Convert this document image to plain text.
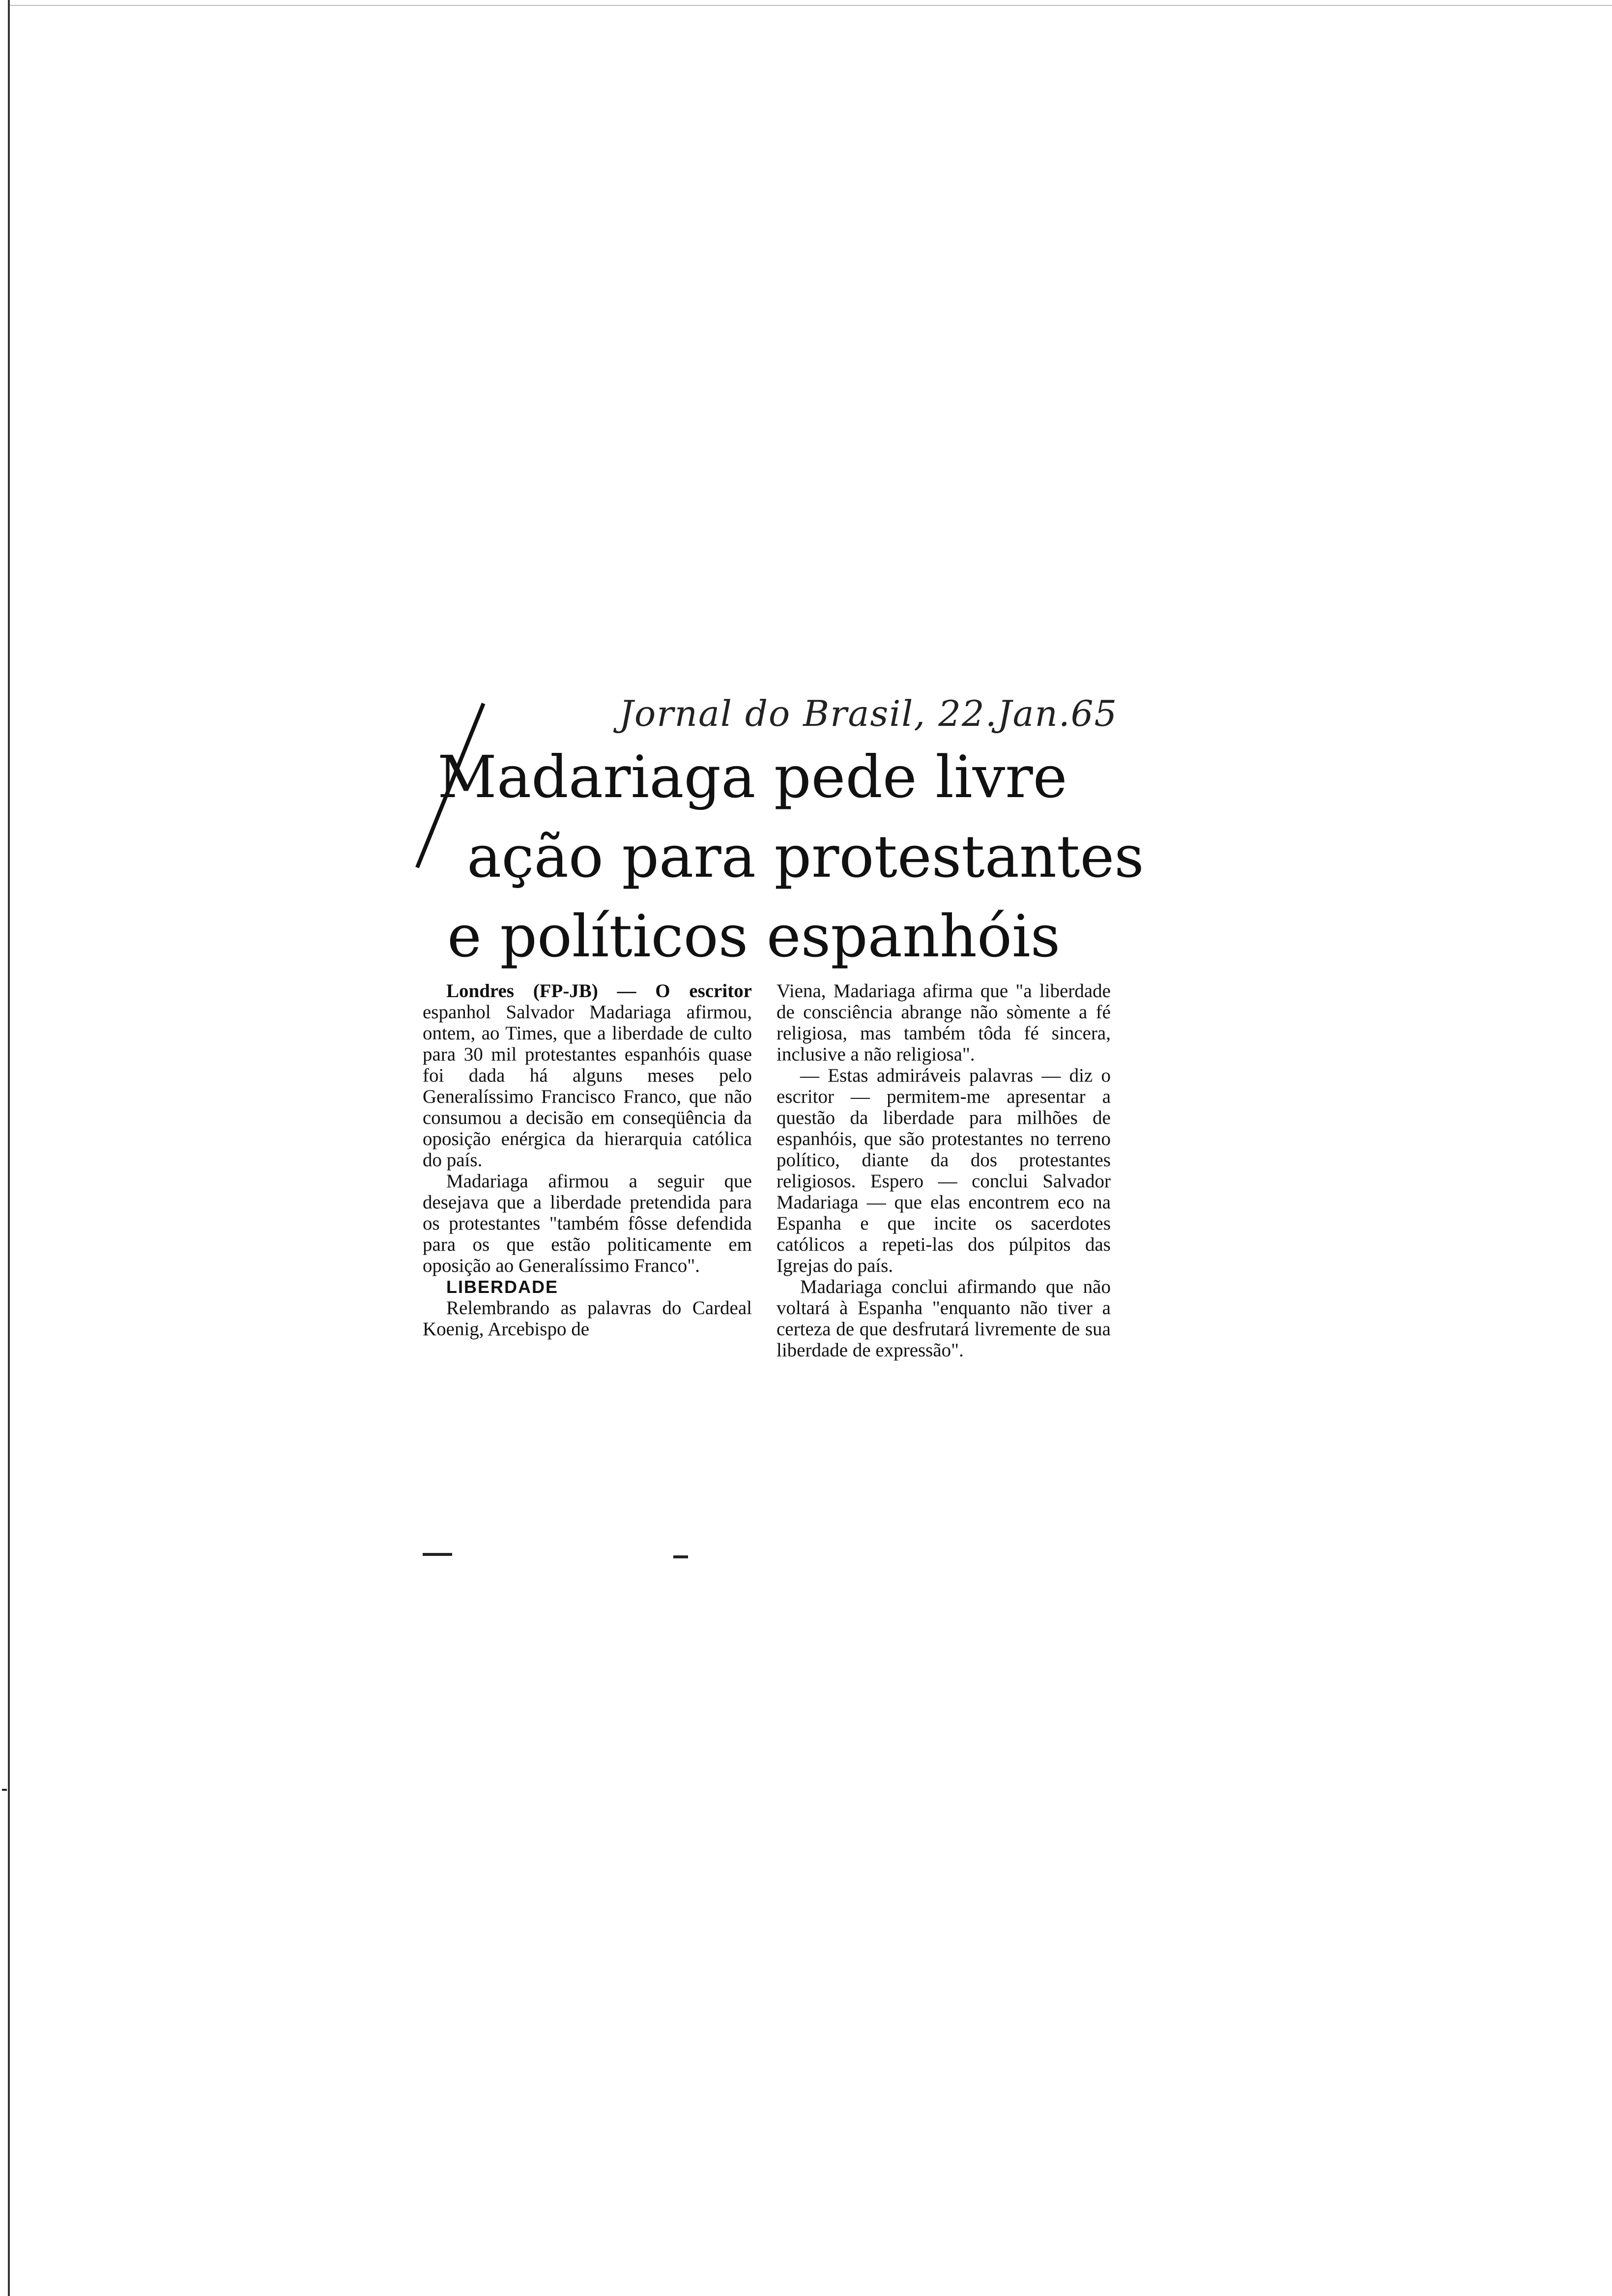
Jornal do Brasil, 22.Jan.65
Madariaga pede livre
ação para protestantes
e políticos espanhóis

Londres (FP-JB) — O escritor espanhol Salvador Madariaga afirmou, ontem, ao Times, que a liberdade de culto para 30 mil protestantes espanhóis quase foi dada há alguns meses pelo Generalíssimo Francisco Franco, que não consumou a decisão em conseqüência da oposição enérgica da hierarquia católica do país.

Madariaga afirmou a seguir que desejava que a liberdade pretendida para os protestantes "também fôsse defendida para os que estão politicamente em oposição ao Generalíssimo Franco".

LIBERDADE

Relembrando as palavras do Cardeal Koenig, Arcebispo de

Viena, Madariaga afirma que "a liberdade de consciência abrange não sòmente a fé religiosa, mas também tôda fé sincera, inclusive a não religiosa".

— Estas admiráveis palavras — diz o escritor — permitem-me apresentar a questão da liberdade para milhões de espanhóis, que são protestantes no terreno político, diante da dos protestantes religiosos. Espero — conclui Salvador Madariaga — que elas encontrem eco na Espanha e que incite os sacerdotes católicos a repeti-las dos púlpitos das Igrejas do país.

Madariaga conclui afirmando que não voltará à Espanha "enquanto não tiver a certeza de que desfrutará livremente de sua liberdade de expressão".
